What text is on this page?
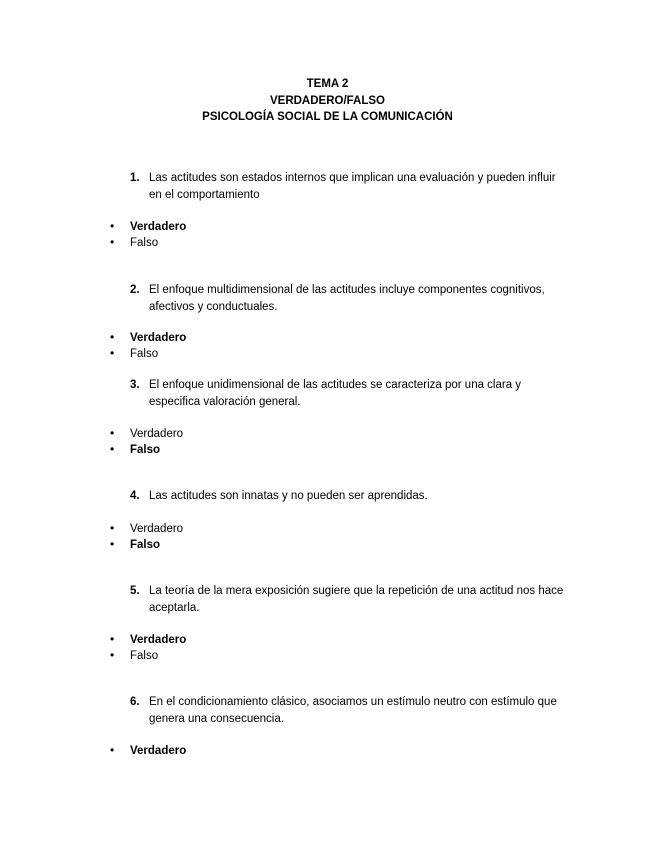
TEMA 2
VERDADERO/FALSO
PSICOLOGÍA SOCIAL DE LA COMUNICACIÓN
1. Las actitudes son estados internos que implican una evaluación y pueden influir en el comportamiento
• Verdadero
• Falso
2. El enfoque multidimensional de las actitudes incluye componentes cognitivos, afectivos y conductuales.
• Verdadero
• Falso
3. El enfoque unidimensional de las actitudes se caracteriza por una clara y especifica valoración general.
• Verdadero
• Falso
4. Las actitudes son innatas y no pueden ser aprendidas.
• Verdadero
• Falso
5. La teoría de la mera exposición sugiere que la repetición de una actitud nos hace aceptarla.
• Verdadero
• Falso
6. En el condicionamiento clásico, asociamos un estímulo neutro con estímulo que genera una consecuencia.
• Verdadero
